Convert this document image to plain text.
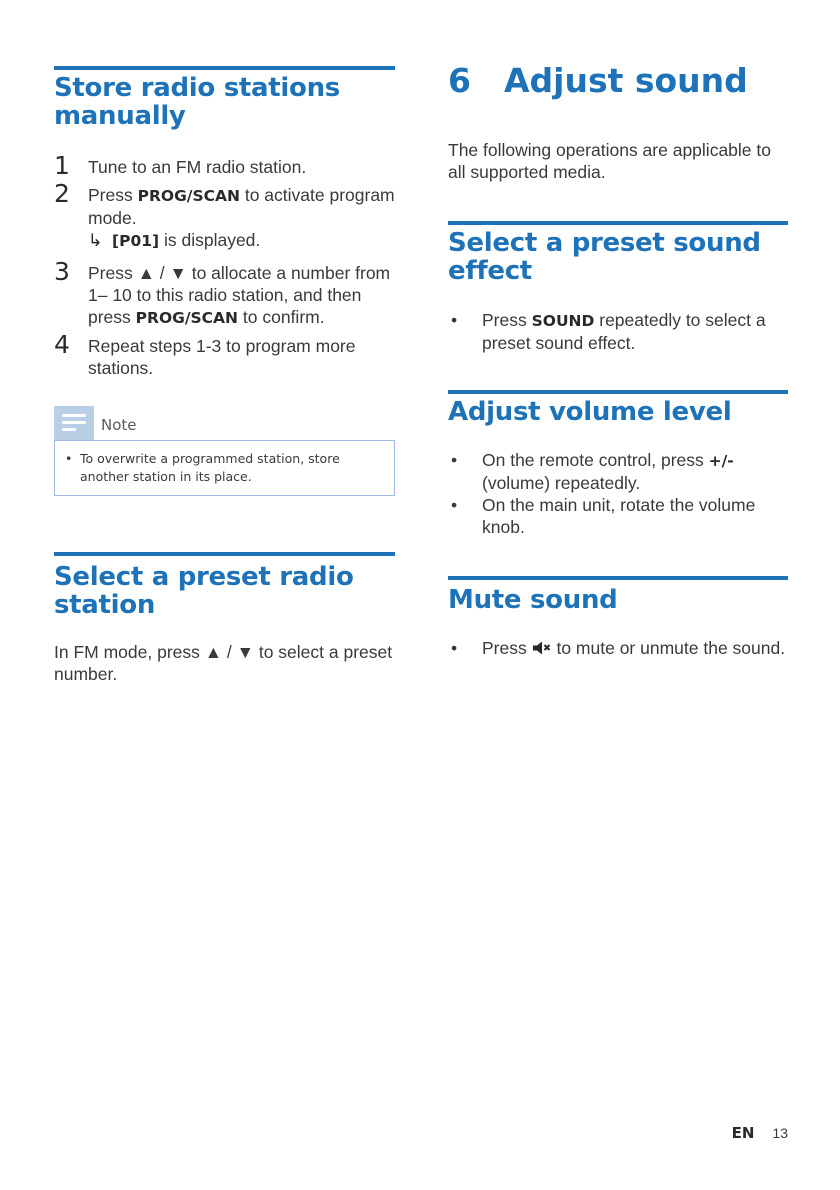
Store radio stations
manually
1 Tune to an FM radio station.
2 Press PROG/SCAN to activate program mode.
↳ [P01] is displayed.
3 Press ▲ / ▼ to allocate a number from 1– 10 to this radio station, and then press PROG/SCAN to confirm.
4 Repeat steps 1-3 to program more stations.
Note
• To overwrite a programmed station, store another station in its place.
Select a preset radio
station

In FM mode, press ▲ / ▼ to select a preset number.

6 Adjust sound

The following operations are applicable to all supported media.

Select a preset sound
effect
• Press SOUND repeatedly to select a preset sound effect.
Adjust volume level
• On the remote control, press +/- (volume) repeatedly.
• On the main unit, rotate the volume knob.
Mute sound
• Press  to mute or unmute the sound.
EN 13
